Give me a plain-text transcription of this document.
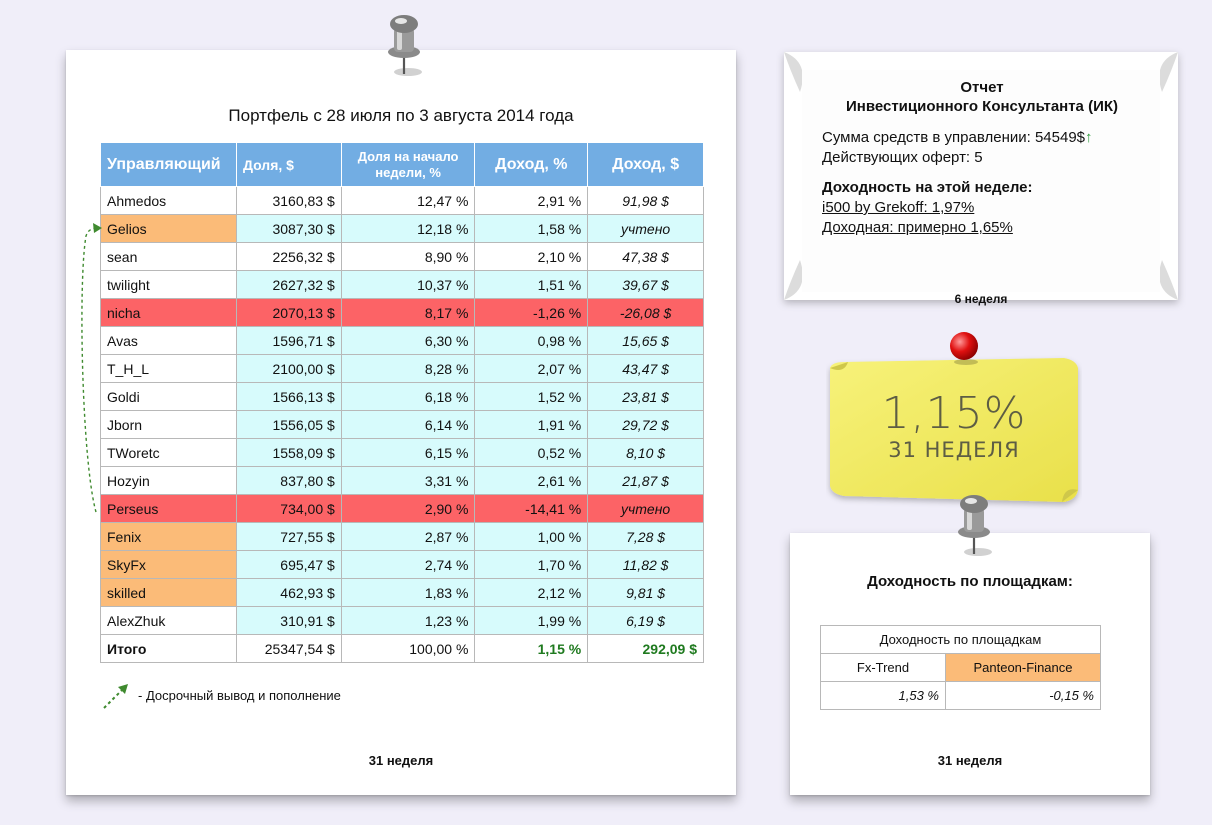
Портфель с 28 июля по 3 августа 2014 года
Управляющий	Доля, $	Доля на начало недели, %	Доход, %	Доход, $
Ahmedos	3160,83 $	12,47 %	2,91 %	91,98 $
Gelios	3087,30 $	12,18 %	1,58 %	учтено
sean	2256,32 $	8,90 %	2,10 %	47,38 $
twilight	2627,32 $	10,37 %	1,51 %	39,67 $
nicha	2070,13 $	8,17 %	-1,26 %	-26,08 $
Avas	1596,71 $	6,30 %	0,98 %	15,65 $
T_H_L	2100,00 $	8,28 %	2,07 %	43,47 $
Goldi	1566,13 $	6,18 %	1,52 %	23,81 $
Jborn	1556,05 $	6,14 %	1,91 %	29,72 $
TWoretc	1558,09 $	6,15 %	0,52 %	8,10 $
Hozyin	837,80 $	3,31 %	2,61 %	21,87 $
Perseus	734,00 $	2,90 %	-14,41 %	учтено
Fenix	727,55 $	2,87 %	1,00 %	7,28 $
SkyFx	695,47 $	2,74 %	1,70 %	11,82 $
skilled	462,93 $	1,83 %	2,12 %	9,81 $
AlexZhuk	310,91 $	1,23 %	1,99 %	6,19 $
Итого	25347,54 $	100,00 %	1,15 %	292,09 $
- Досрочный вывод и пополнение
31 неделя
Отчет
Инвестиционного Консультанта (ИК)
Сумма средств в управлении: 54549$↑
Действующих оферт: 5
Доходность на этой неделе:
i500 by Grekoff: 1,97%
Доходная: примерно 1,65%
6 неделя
1,15%
31 НЕДЕЛЯ
Доходность по площадкам:
Доходность по площадкам	
Fx-Trend	Panteon-Finance
1,53 %	-0,15 %
31 неделя
